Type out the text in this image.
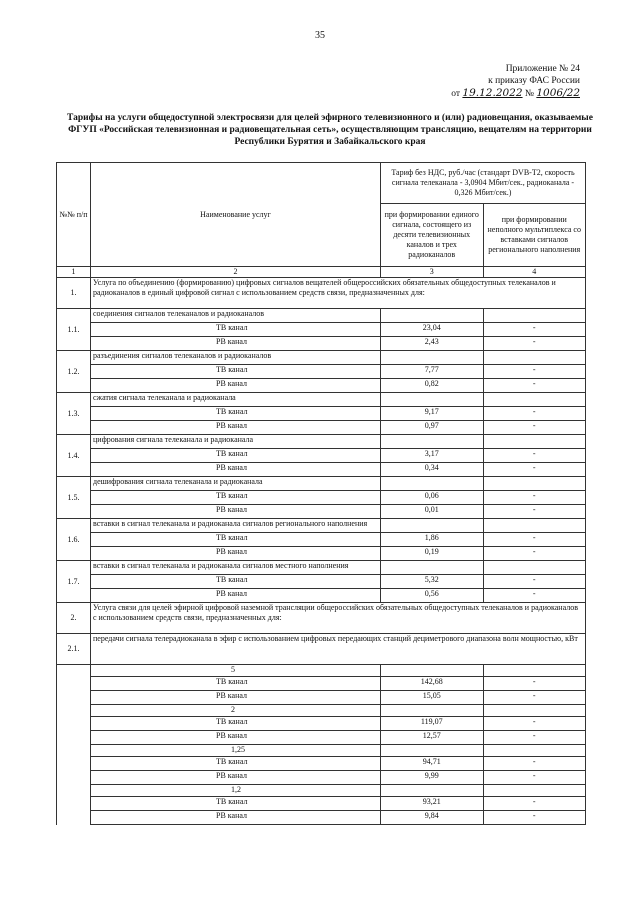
35
Приложение № 24
к приказу ФАС России
от 19.12.2022 № 1006/22
Тарифы на услуги общедоступной электросвязи для целей эфирного телевизионного и (или) радиовещания, оказываемые ФГУП «Российская телевизионная и радиовещательная сеть», осуществляющим трансляцию, вещателям на территории Республики Бурятия и Забайкальского края
№№ п/п	Наименование услуг	Тариф без НДС, руб./час (стандарт DVB-T2, скорость сигнала телеканала - 3,0904 Мбит/сек., радиоканала - 0,326 Мбит/сек.)	
		при формировании единого сигнала, состоящего из десяти телевизионных каналов и трех радиоканалов	при формировании неполного мультиплекса со вставками сигналов регионального наполнения
1	2	3	4
1.	Услуга по объединению (формированию) цифровых сигналов вещателей общероссийских обязательных общедоступных телеканалов и радиоканалов в единый цифровой сигнал с использованием средств связи, предназначенных для:		
1.1.	соединения сигналов телеканалов и радиоканалов		
	ТВ канал	23,04	-
	РВ канал	2,43	-
1.2.	разъединения сигналов телеканалов и радиоканалов		
	ТВ канал	7,77	-
	РВ канал	0,82	-
1.3.	сжатия сигнала телеканала и радиоканала		
	ТВ канал	9,17	-
	РВ канал	0,97	-
1.4.	цифрования сигнала телеканала и радиоканала		
	ТВ канал	3,17	-
	РВ канал	0,34	-
1.5.	дешифрования сигнала телеканала и радиоканала		
	ТВ канал	0,06	-
	РВ канал	0,01	-
1.6.	вставки в сигнал телеканала и радиоканала сигналов регионального наполнения		
	ТВ канал	1,86	-
	РВ канал	0,19	-
1.7.	вставки в сигнал телеканала и радиоканала сигналов местного наполнения		
	ТВ канал	5,32	-
	РВ канал	0,56	-
2.	Услуга связи для целей эфирной цифровой наземной трансляции общероссийских обязательных общедоступных телеканалов и радиоканалов с использованием средств связи, предназначенных для:		
2.1.	передачи сигнала телерадиоканала в эфир с использованием цифровых передающих станций дециметрового диапазона волн мощностью, кВт		
	5		
	ТВ канал	142,68	-
	РВ канал	15,05	-
	2		
	ТВ канал	119,07	-
	РВ канал	12,57	-
	1,25		
	ТВ канал	94,71	-
	РВ канал	9,99	-
	1,2		
	ТВ канал	93,21	-
	РВ канал	9,84	-
